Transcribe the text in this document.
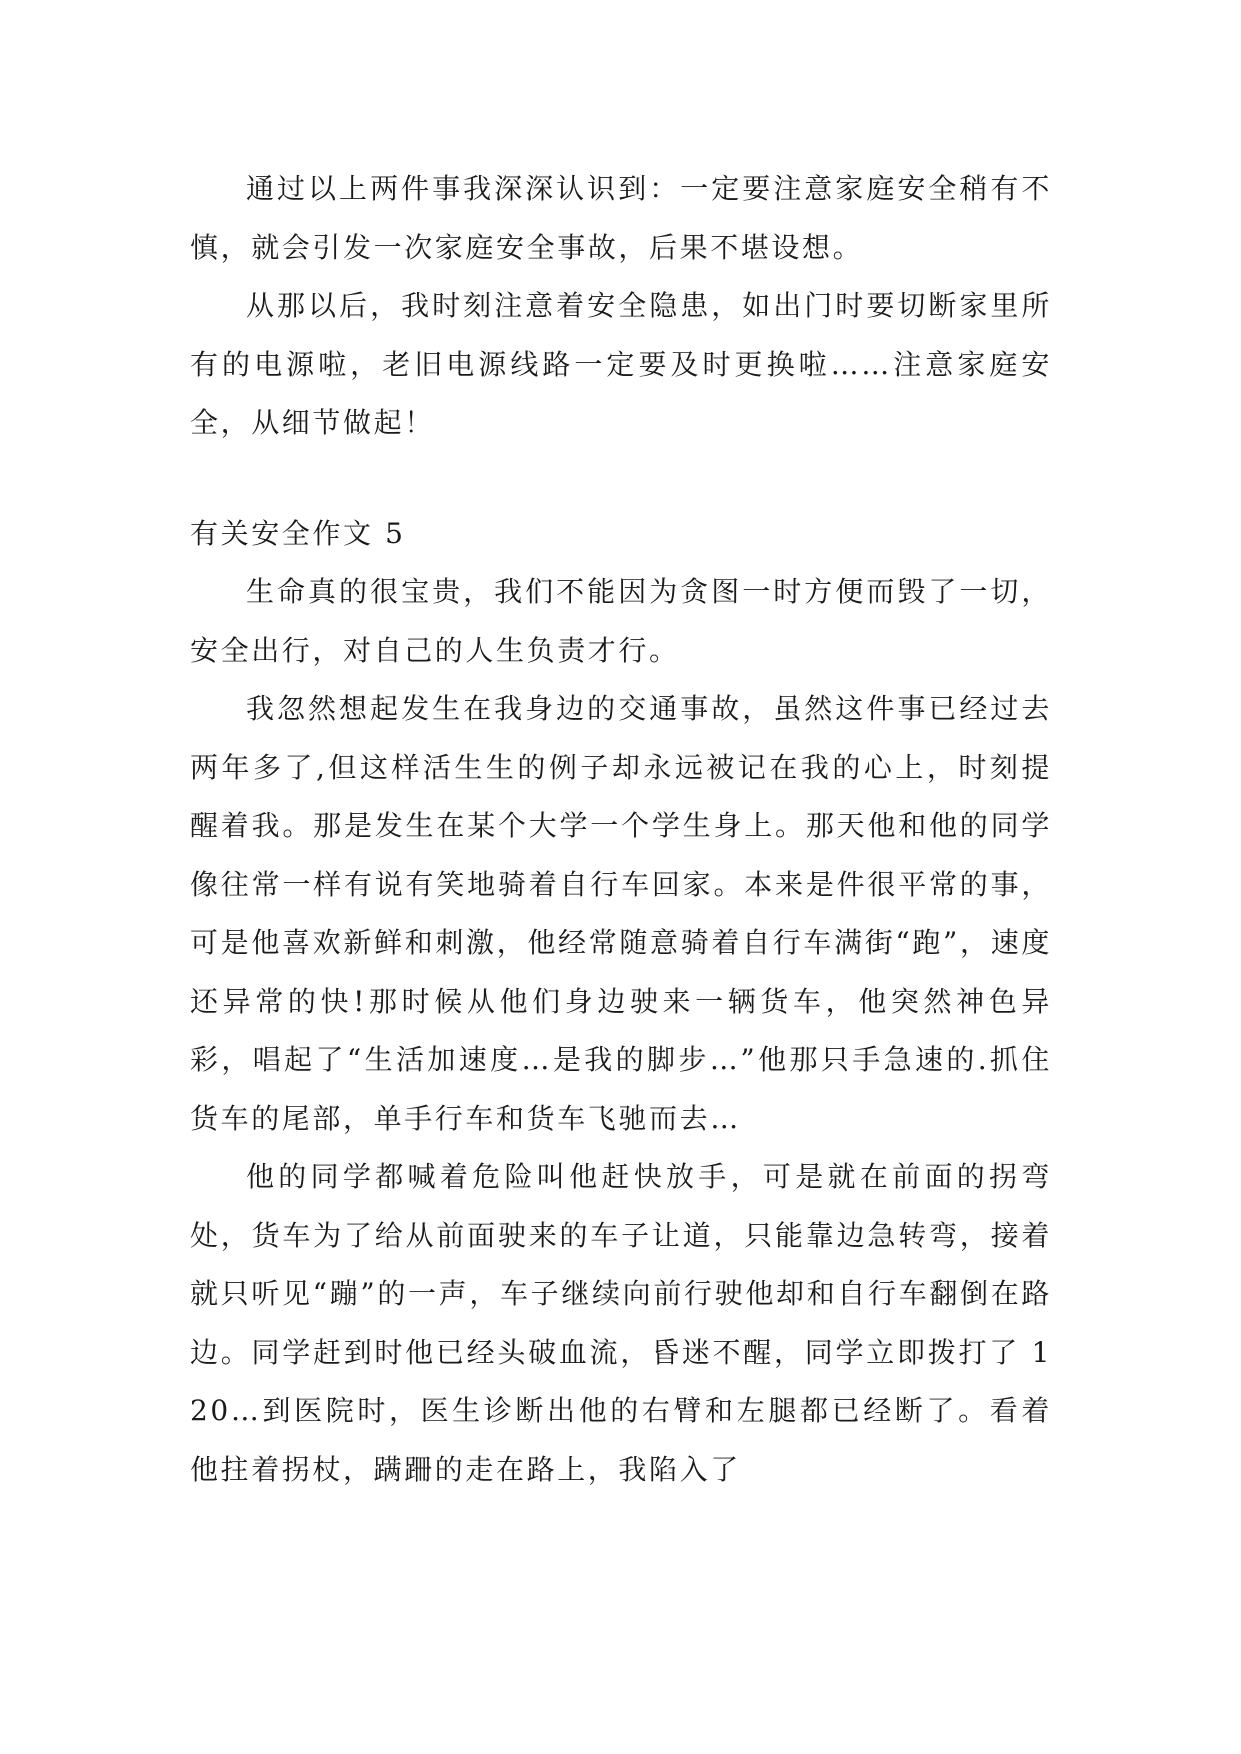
通过以上两件事我深深认识到：一定要注意家庭安全稍有不慎，就会引发一次家庭安全事故，后果不堪设想。

从那以后，我时刻注意着安全隐患，如出门时要切断家里所有的电源啦，老旧电源线路一定要及时更换啦……注意家庭安全，从细节做起！

有关安全作文 5

生命真的很宝贵，我们不能因为贪图一时方便而毁了一切，安全出行，对自己的人生负责才行。

我忽然想起发生在我身边的交通事故，虽然这件事已经过去两年多了,但这样活生生的例子却永远被记在我的心上，时刻提醒着我。那是发生在某个大学一个学生身上。那天他和他的同学像往常一样有说有笑地骑着自行车回家。本来是件很平常的事，可是他喜欢新鲜和刺激，他经常随意骑着自行车满街“跑”，速度还异常的快!那时候从他们身边驶来一辆货车，他突然神色异彩，唱起了“生活加速度…是我的脚步…”他那只手急速的.抓住货车的尾部，单手行车和货车飞驰而去…

他的同学都喊着危险叫他赶快放手，可是就在前面的拐弯处，货车为了给从前面驶来的车子让道，只能靠边急转弯，接着就只听见“蹦”的一声，车子继续向前行驶他却和自行车翻倒在路边。同学赶到时他已经头破血流，昏迷不醒，同学立即拨打了 120…到医院时，医生诊断出他的右臂和左腿都已经断了。看着他拄着拐杖，蹒跚的走在路上，我陷入了
